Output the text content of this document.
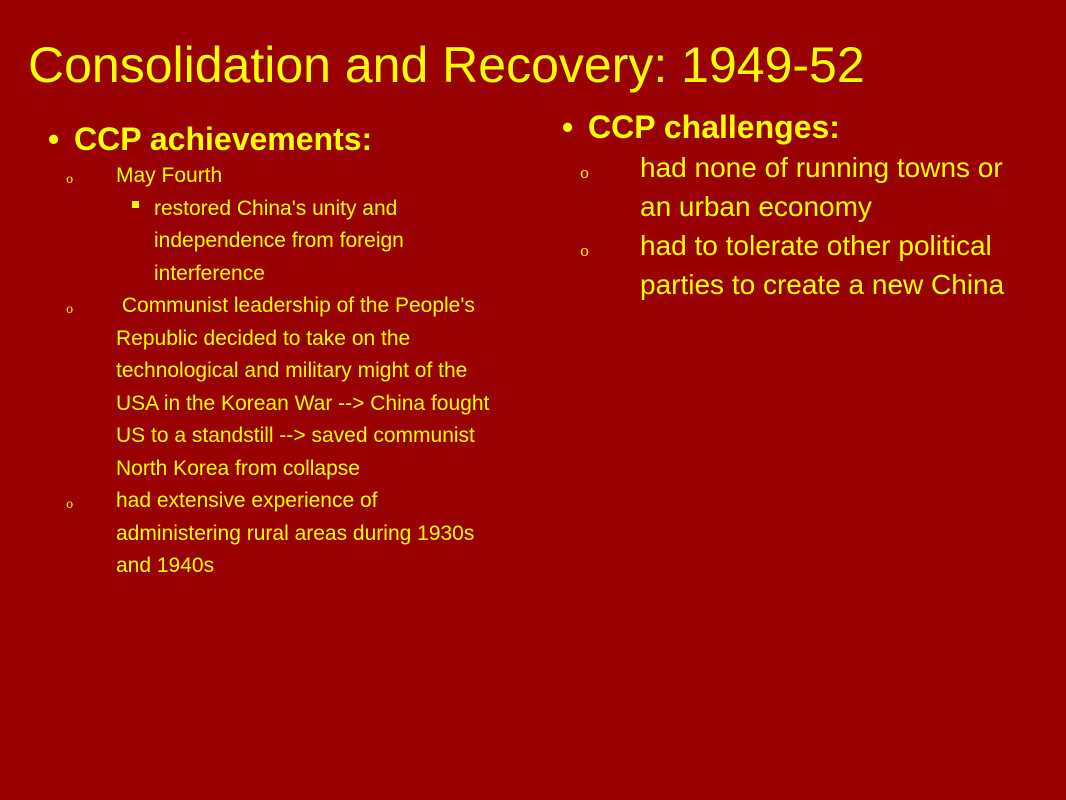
Consolidation and Recovery: 1949-52
• CCP achievements:
o May Fourth
restored China's unity and independence from foreign interference
o Communist leadership of the People's Republic decided to take on the technological and military might of the USA in the Korean War --> China fought US to a standstill --> saved communist North Korea from collapse
o had extensive experience of administering rural areas during 1930s and 1940s
• CCP challenges:
o had none of running towns or an urban economy
o had to tolerate other political parties to create a new China
